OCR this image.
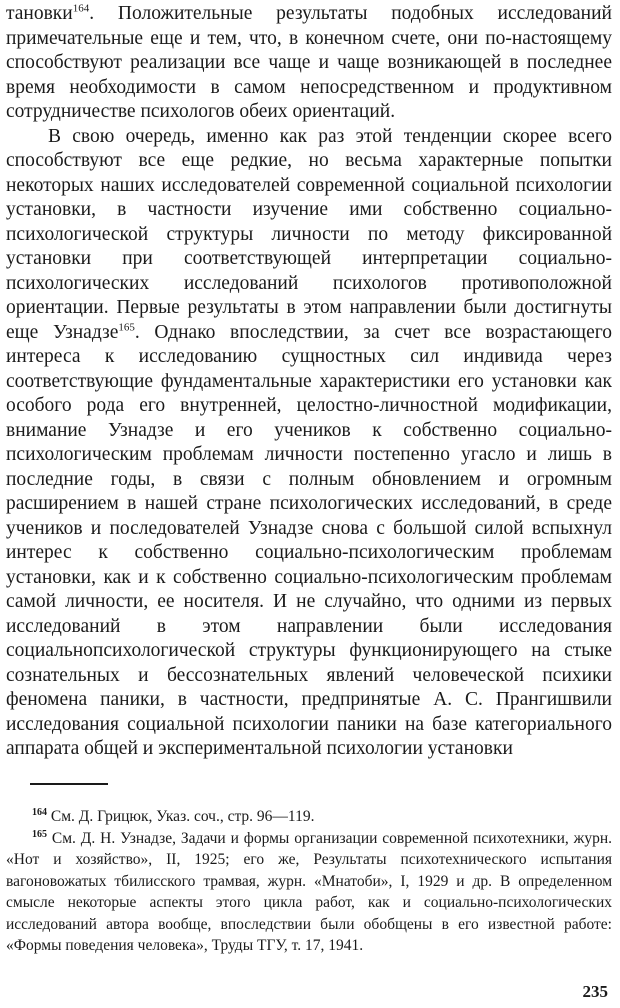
тановки$^{164}$. Положительные результаты подобных исследований примечательные еще и тем, что, в конечном счете, они по-настоящему способствуют реализации все чаще и чаще возникающей в последнее время необходимости в самом непосредственном и продуктивном сотрудничестве психологов обеих ориентаций.

В свою очередь, именно как раз этой тенденции скорее всего способствуют все еще редкие, но весьма характерные попытки некоторых наших исследователей современной социальной психологии установки, в частности изучение ими собственно социально-психологической структуры личности по методу фиксированной установки при соответствующей интерпретации социально-психологических исследований психологов противоположной ориентации. Первые результаты в этом направлении были достигнуты еще Узнадзе$^{165}$. Однако впоследствии, за счет все возрастающего интереса к исследованию сущностных сил индивида через соответствующие фундаментальные характеристики его установки как особого рода его внутренней, целостно-личностной модификации, внимание Узнадзе и его учеников к собственно социально-психологическим проблемам личности постепенно угасло и лишь в последние годы, в связи с полным обновлением и огромным расширением в нашей стране психологических исследований, в среде учеников и последователей Узнадзе снова с большой силой вспыхнул интерес к собственно социально-психологическим проблемам установки, как и к собственно социально-психологическим проблемам самой личности, ее носителя. И не случайно, что одними из первых исследований в этом направлении были исследования социальнопсихологической структуры функционирующего на стыке сознательных и бессознательных явлений человеческой психики феномена паники, в частности, предпринятые А. С. Прангишвили исследования социальной психологии паники на базе категориального аппарата общей и экспериментальной психологии установки

$^{164}$ См. Д. Грицюк, Указ. соч., стр. 96—119.

$^{165}$ См. Д. Н. Узнадзе, Задачи и формы организации современной психотехники, журн. «Нот и хозяйство», II, 1925; его же, Результаты психотехнического испытания вагоновожатых тбилисского трамвая, журн. «Мнатоби», I, 1929 и др. В определенном смысле некоторые аспекты этого цикла работ, как и социально-психологических исследований автора вообще, впоследствии были обобщены в его известной работе: «Формы поведения человека», Труды ТГУ, т. 17, 1941.

235
